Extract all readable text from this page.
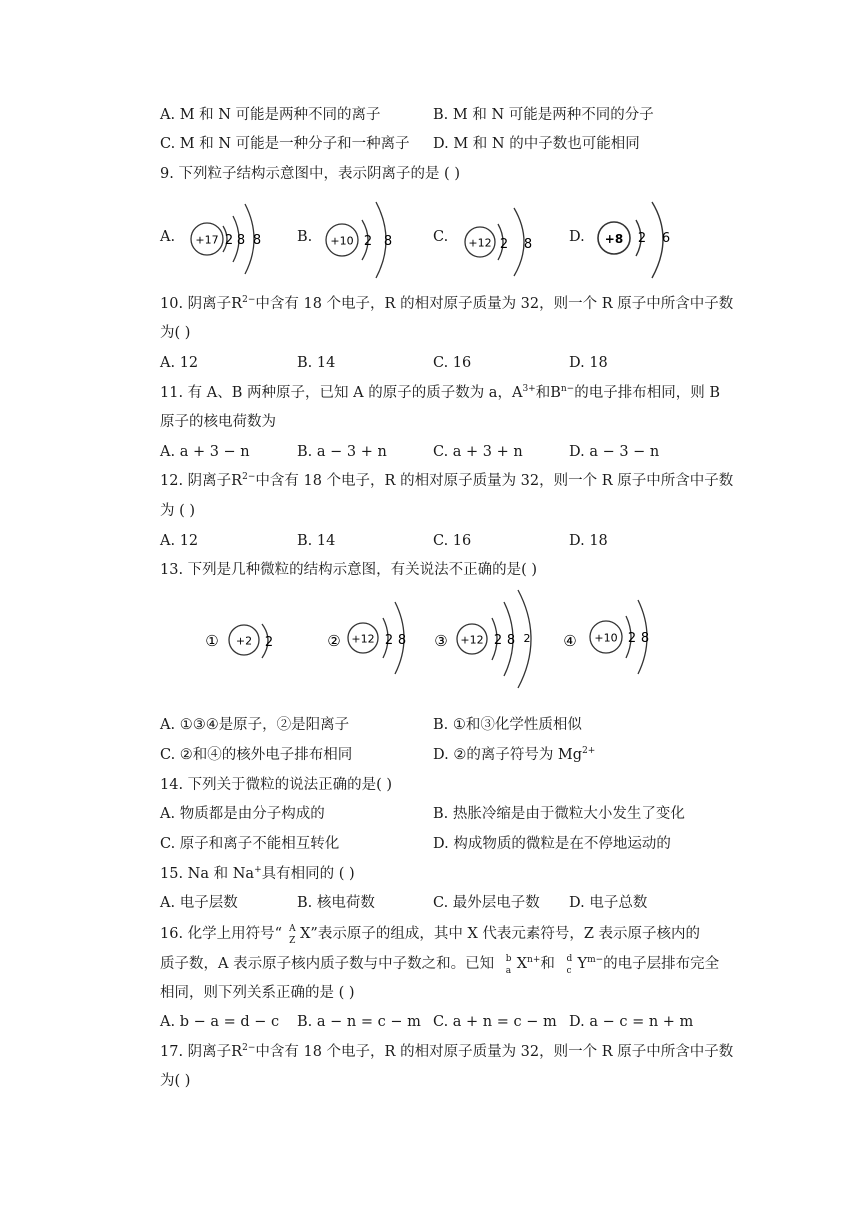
A. M 和 N 可能是两种不同的离子	B. M 和 N 可能是两种不同的分子
C. M 和 N 可能是一种分子和一种离子 D. M 和 N 的中子数也可能相同
9. 下列粒子结构示意图中，表示阴离子的是 ( )
A. +17 2 8 8 B. +10 2 8	C. +12 2 8	D. +8 2 6
10. 阴离子$R^{2-}$中含有 18 个电子，R 的相对原子质量为 32，则一个 R 原子中所含中子数
为( )
A. 12	B. 14	C. 16	D. 18
11. 有 A、B 两种原子，已知 A 的原子的质子数为 a，$A^{3+}$和$B^{n-}$的电子排布相同，则 B
原子的核电荷数为
A. a + 3 − n	B. a − 3 + n	C. a + 3 + n	D. a − 3 − n
12. 阴离子$R^{2-}$中含有 18 个电子，R 的相对原子质量为 32，则一个 R 原子中所含中子数
为 ( )
A. 12	B. 14	C. 16	D. 18
13. 下列是几种微粒的结构示意图，有关说法不正确的是( )
① +2 2	② +12 2 8 ③ +12 2 8 2 ④ +10 2 8
A. ①③④是原子，②是阳离子	B. ①和③化学性质相似
C. ②和④的核外电子排布相同	D. ②的离子符号为 $Mg^{2+}$
14. 下列关于微粒的说法正确的是( )
A. 物质都是由分子构成的	B. 热胀冷缩是由于微粒大小发生了变化
C. 原子和离子不能相互转化	D. 构成物质的微粒是在不停地运动的
15. Na 和 Na+具有相同的 ( )
A. 电子层数	B. 核电荷数	C. 最外层电子数 D. 电子总数
16. 化学上用符号“ A
Z X”表示原子的组成，其中 X 代表元素符号，Z 表示原子核内的
质子数，A 表示原子核内质子数与中子数之和。已知 b
a $X^{n+}$和 d
c $Y^{m-}$的电子层排布完全
相同，则下列关系正确的是 ( )
A. b − a = d − c B. a − n = c − m C. a + n = c − m D. a − c = n + m
17. 阴离子$R^{2-}$中含有 18 个电子，R 的相对原子质量为 32，则一个 R 原子中所含中子数
为( )
